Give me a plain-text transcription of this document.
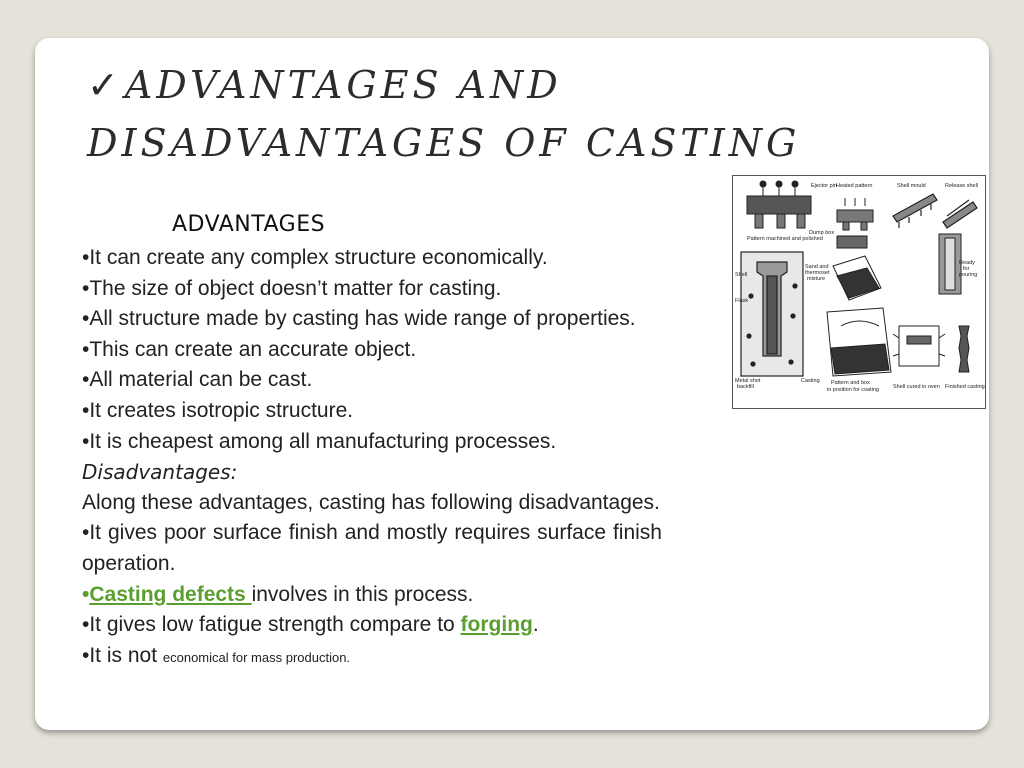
✓ADVANTAGES AND DISADVANTAGES OF CASTING
ADVANTAGES

•It can create any complex structure economically.

•The size of object doesn’t matter for casting.

•All structure made by casting has wide range of properties.

•This can create an accurate object.

•All material can be cast.

•It creates isotropic structure.

•It is cheapest among all manufacturing processes.

Disadvantages:

Along these advantages, casting has following disadvantages.

•It gives poor surface finish and mostly requires surface finish operation.

•Casting defects involves in this process.

•It gives low fatigue strength compare to forging.

•It is not economical for mass production.

Ejector pin
Pattern machined and polished
Heated pattern	Shell mould	Release shell
Dump box
Sand and
thermoset
mixture
Ready
for
pouring
Shell
Flask
Metal shot
backfill
Casting Pattern and box
in position for coating	Shell cured in oven Finished casting
